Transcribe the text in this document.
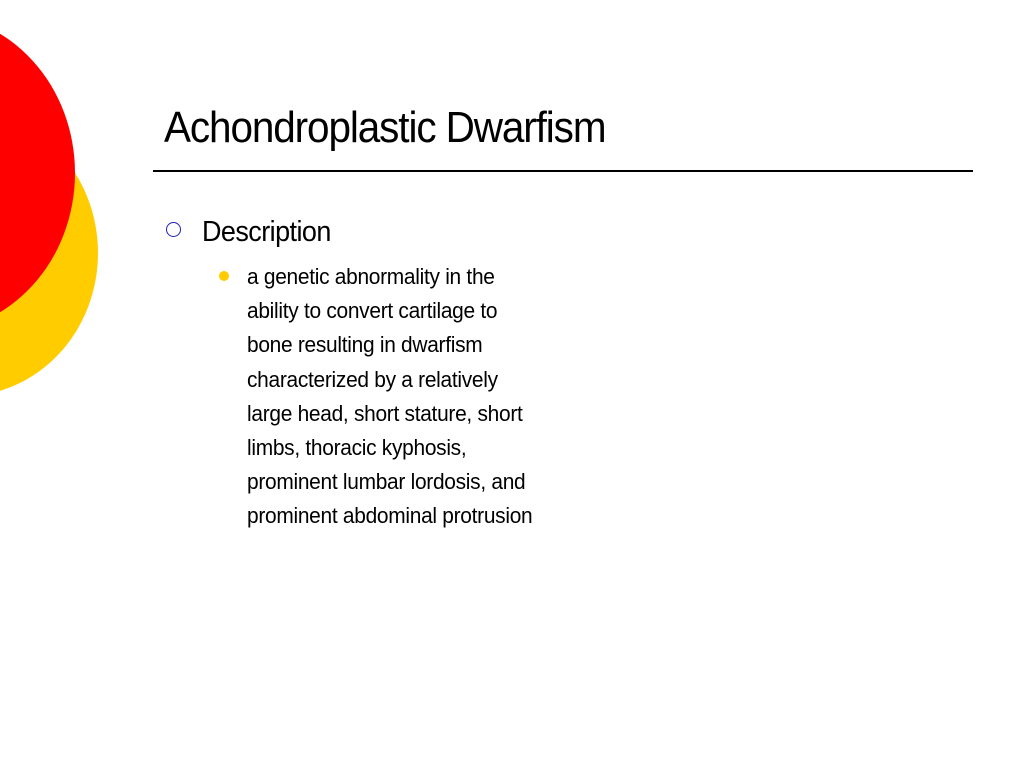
Achondroplastic Dwarfism
Description
a genetic abnormality in the ability to convert cartilage to bone resulting in dwarfism characterized by a relatively large head, short stature, short limbs, thoracic kyphosis, prominent lumbar lordosis, and prominent abdominal protrusion
